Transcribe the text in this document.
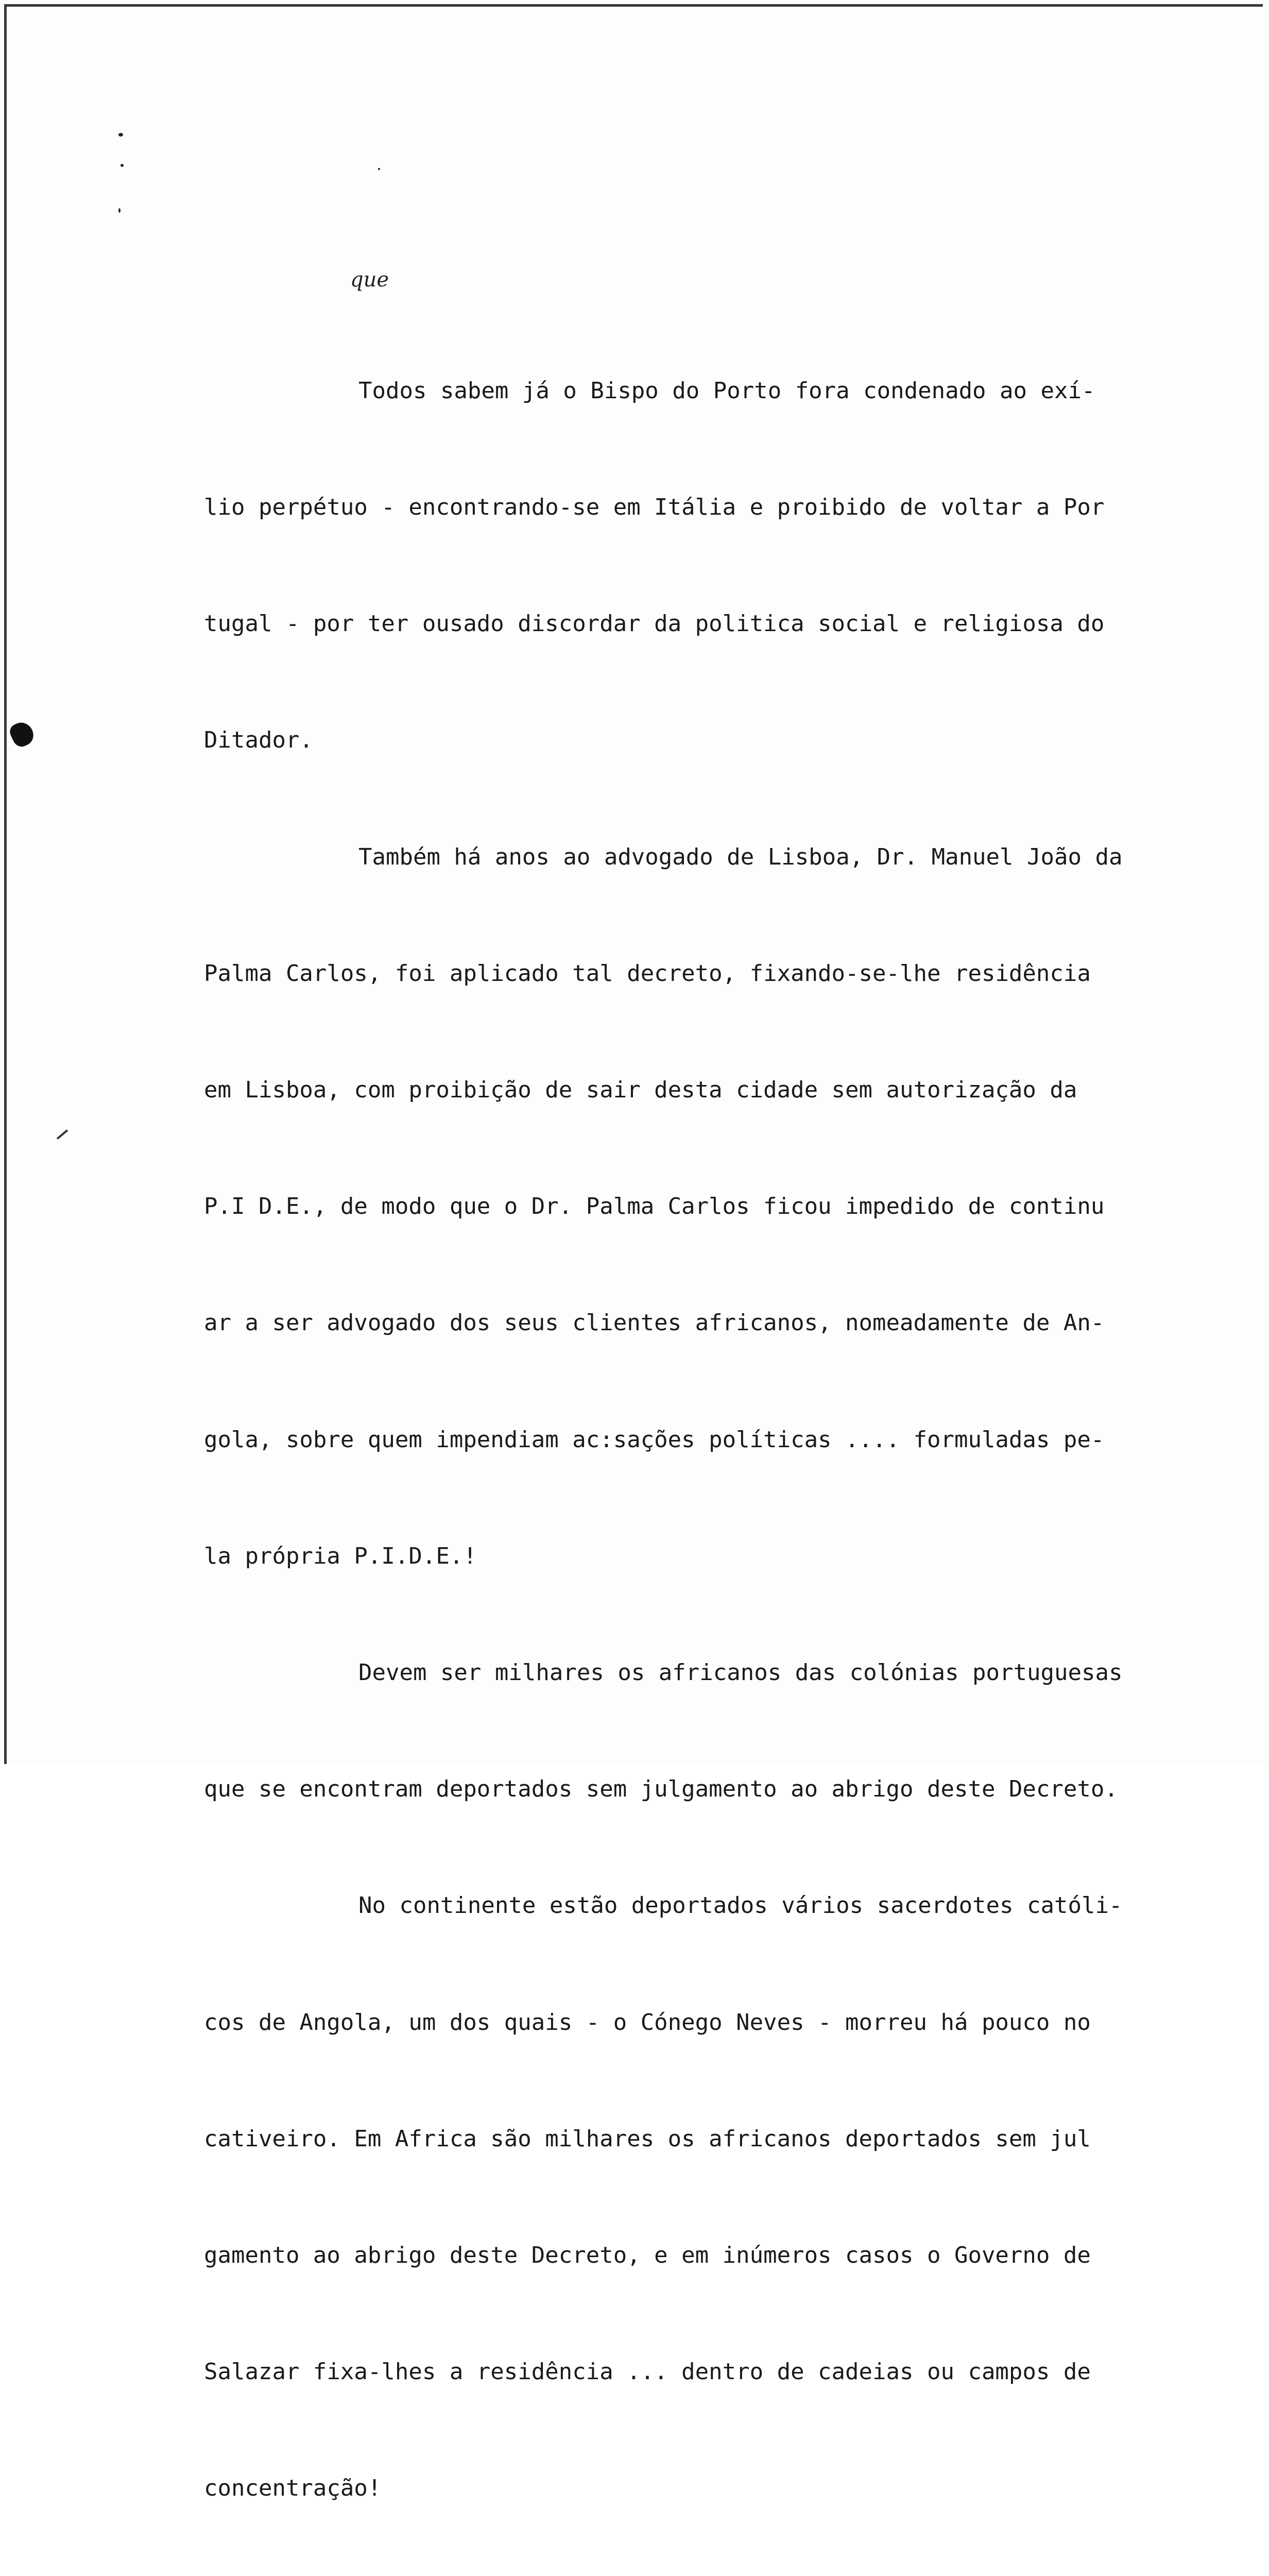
que

Todos sabem já o Bispo do Porto fora condenado ao exí-

lio perpétuo - encontrando-se em Itália e proibido de voltar a Por

tugal - por ter ousado discordar da politica social e religiosa do

Ditador.

Também há anos ao advogado de Lisboa, Dr. Manuel João da

Palma Carlos, foi aplicado tal decreto, fixando-se-lhe residência

em Lisboa, com proibição de sair desta cidade sem autorização da

P.I D.E., de modo que o Dr. Palma Carlos ficou impedido de continu

ar a ser advogado dos seus clientes africanos, nomeadamente de An-

gola, sobre quem impendiam ac:sações políticas .... formuladas pe-

la própria P.I.D.E.!

Devem ser milhares os africanos das colónias portuguesas

que se encontram deportados sem julgamento ao abrigo deste Decreto.

No continente estão deportados vários sacerdotes católi-

cos de Angola, um dos quais - o Cónego Neves - morreu há pouco no

cativeiro. Em Africa são milhares os africanos deportados sem jul

gamento ao abrigo deste Decreto, e em inúmeros casos o Governo de

Salazar fixa-lhes a residência ... dentro de cadeias ou campos de

concentração!
